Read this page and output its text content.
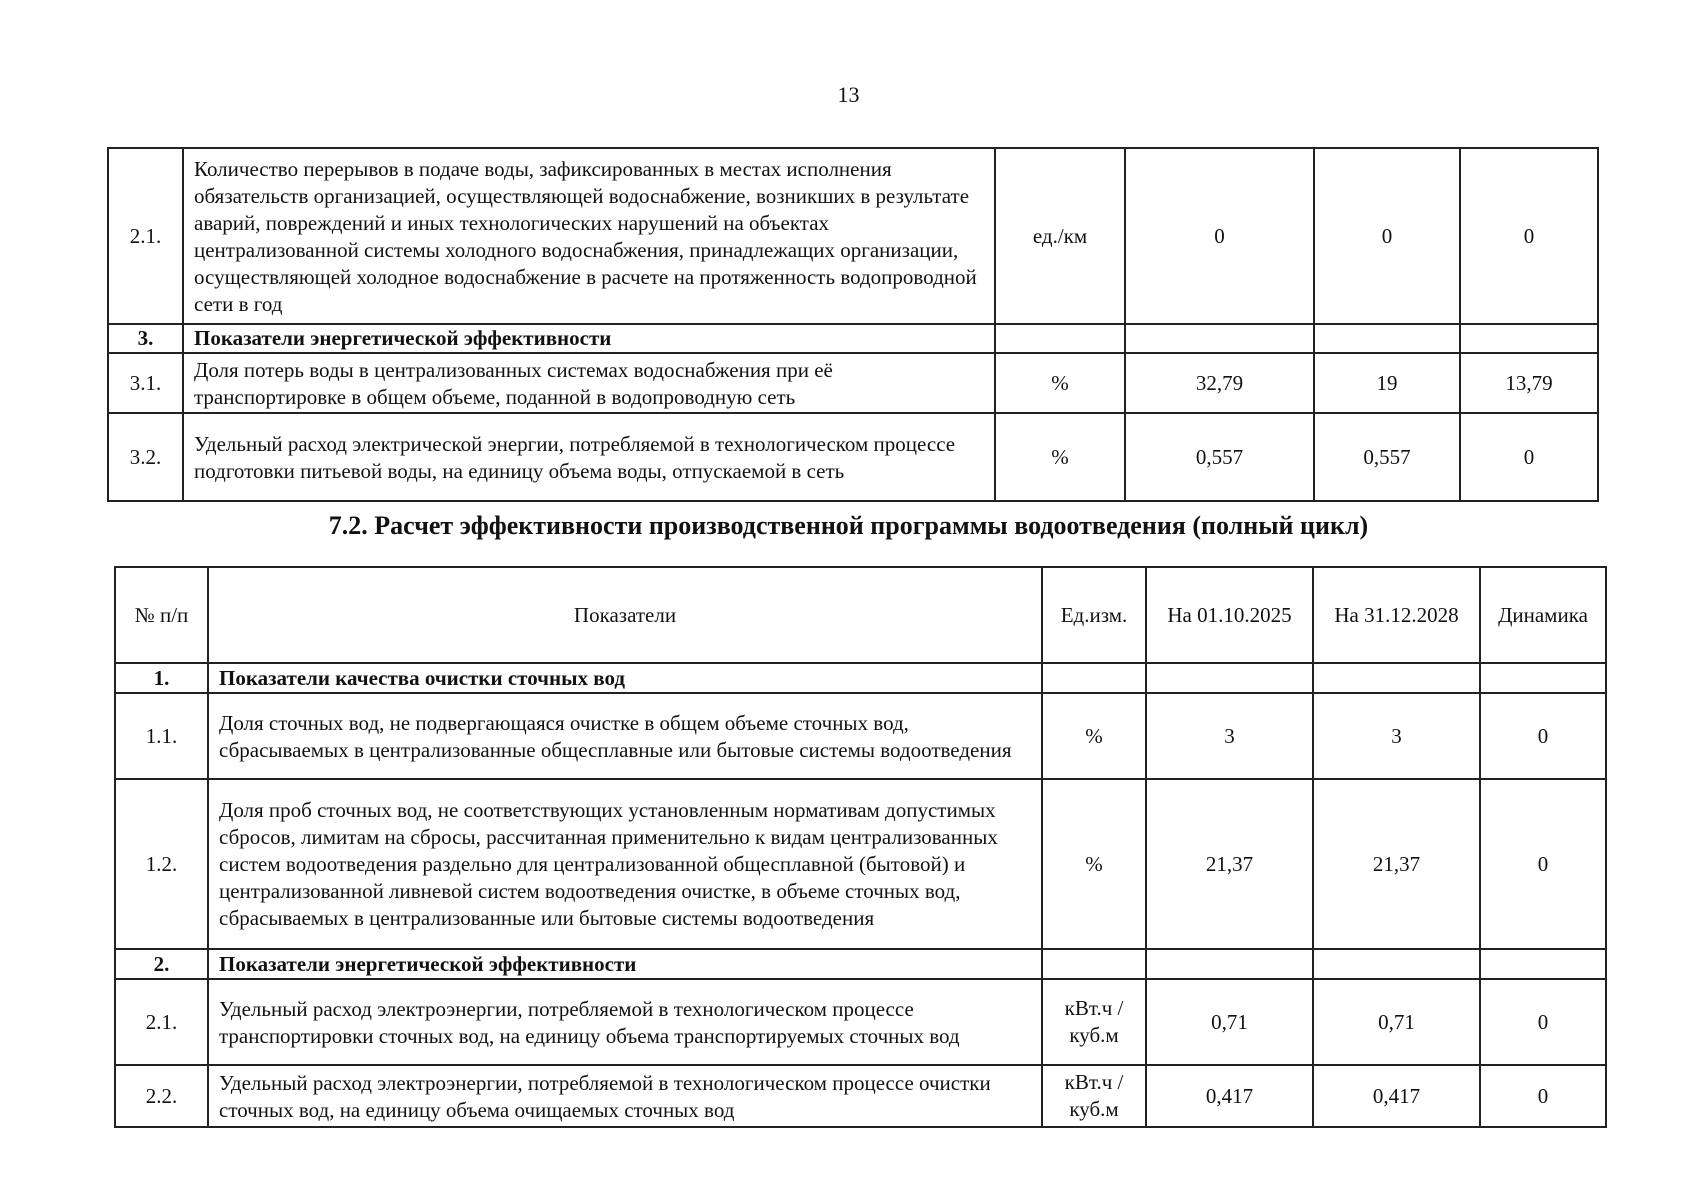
13
2.1.	Количество перерывов в подаче воды, зафиксированных в местах исполнения обязательств организацией, осуществляющей водоснабжение, возникших в результате аварий, повреждений и иных технологических нарушений на объектах централизованной системы холодного водоснабжения, принадлежащих организации, осуществляющей холодное водоснабжение в расчете на протяженность водопроводной сети в год	ед./км	0	0	0
3.	Показатели энергетической эффективности				
3.1.	Доля потерь воды в централизованных системах водоснабжения при её транспортировке в общем объеме, поданной в водопроводную сеть	%	32,79	19	13,79
3.2.	Удельный расход электрической энергии, потребляемой в технологическом процессе подготовки питьевой воды, на единицу объема воды, отпускаемой в сеть	%	0,557	0,557	0
7.2. Расчет эффективности производственной программы водоотведения (полный цикл)
№ п/п	Показатели	Ед.изм.	На 01.10.2025	На 31.12.2028	Динамика
1.	Показатели качества очистки сточных вод				
1.1.	Доля сточных вод, не подвергающаяся очистке в общем объеме сточных вод, сбрасываемых в централизованные общесплавные или бытовые системы водоотведения	%	3	3	0
1.2.	Доля проб сточных вод, не соответствующих установленным нормативам допустимых сбросов, лимитам на сбросы, рассчитанная применительно к видам централизованных систем водоотведения раздельно для централизованной общесплавной (бытовой) и централизованной ливневой систем водоотведения очистке, в объеме сточных вод, сбрасываемых в централизованные или бытовые системы водоотведения	%	21,37	21,37	0
2.	Показатели энергетической эффективности				
2.1.	Удельный расход электроэнергии, потребляемой в технологическом процессе транспортировки сточных вод, на единицу объема транспортируемых сточных вод	кВт.ч / куб.м	0,71	0,71	0
2.2.	Удельный расход электроэнергии, потребляемой в технологическом процессе очистки сточных вод, на единицу объема очищаемых сточных вод	кВт.ч / куб.м	0,417	0,417	0
